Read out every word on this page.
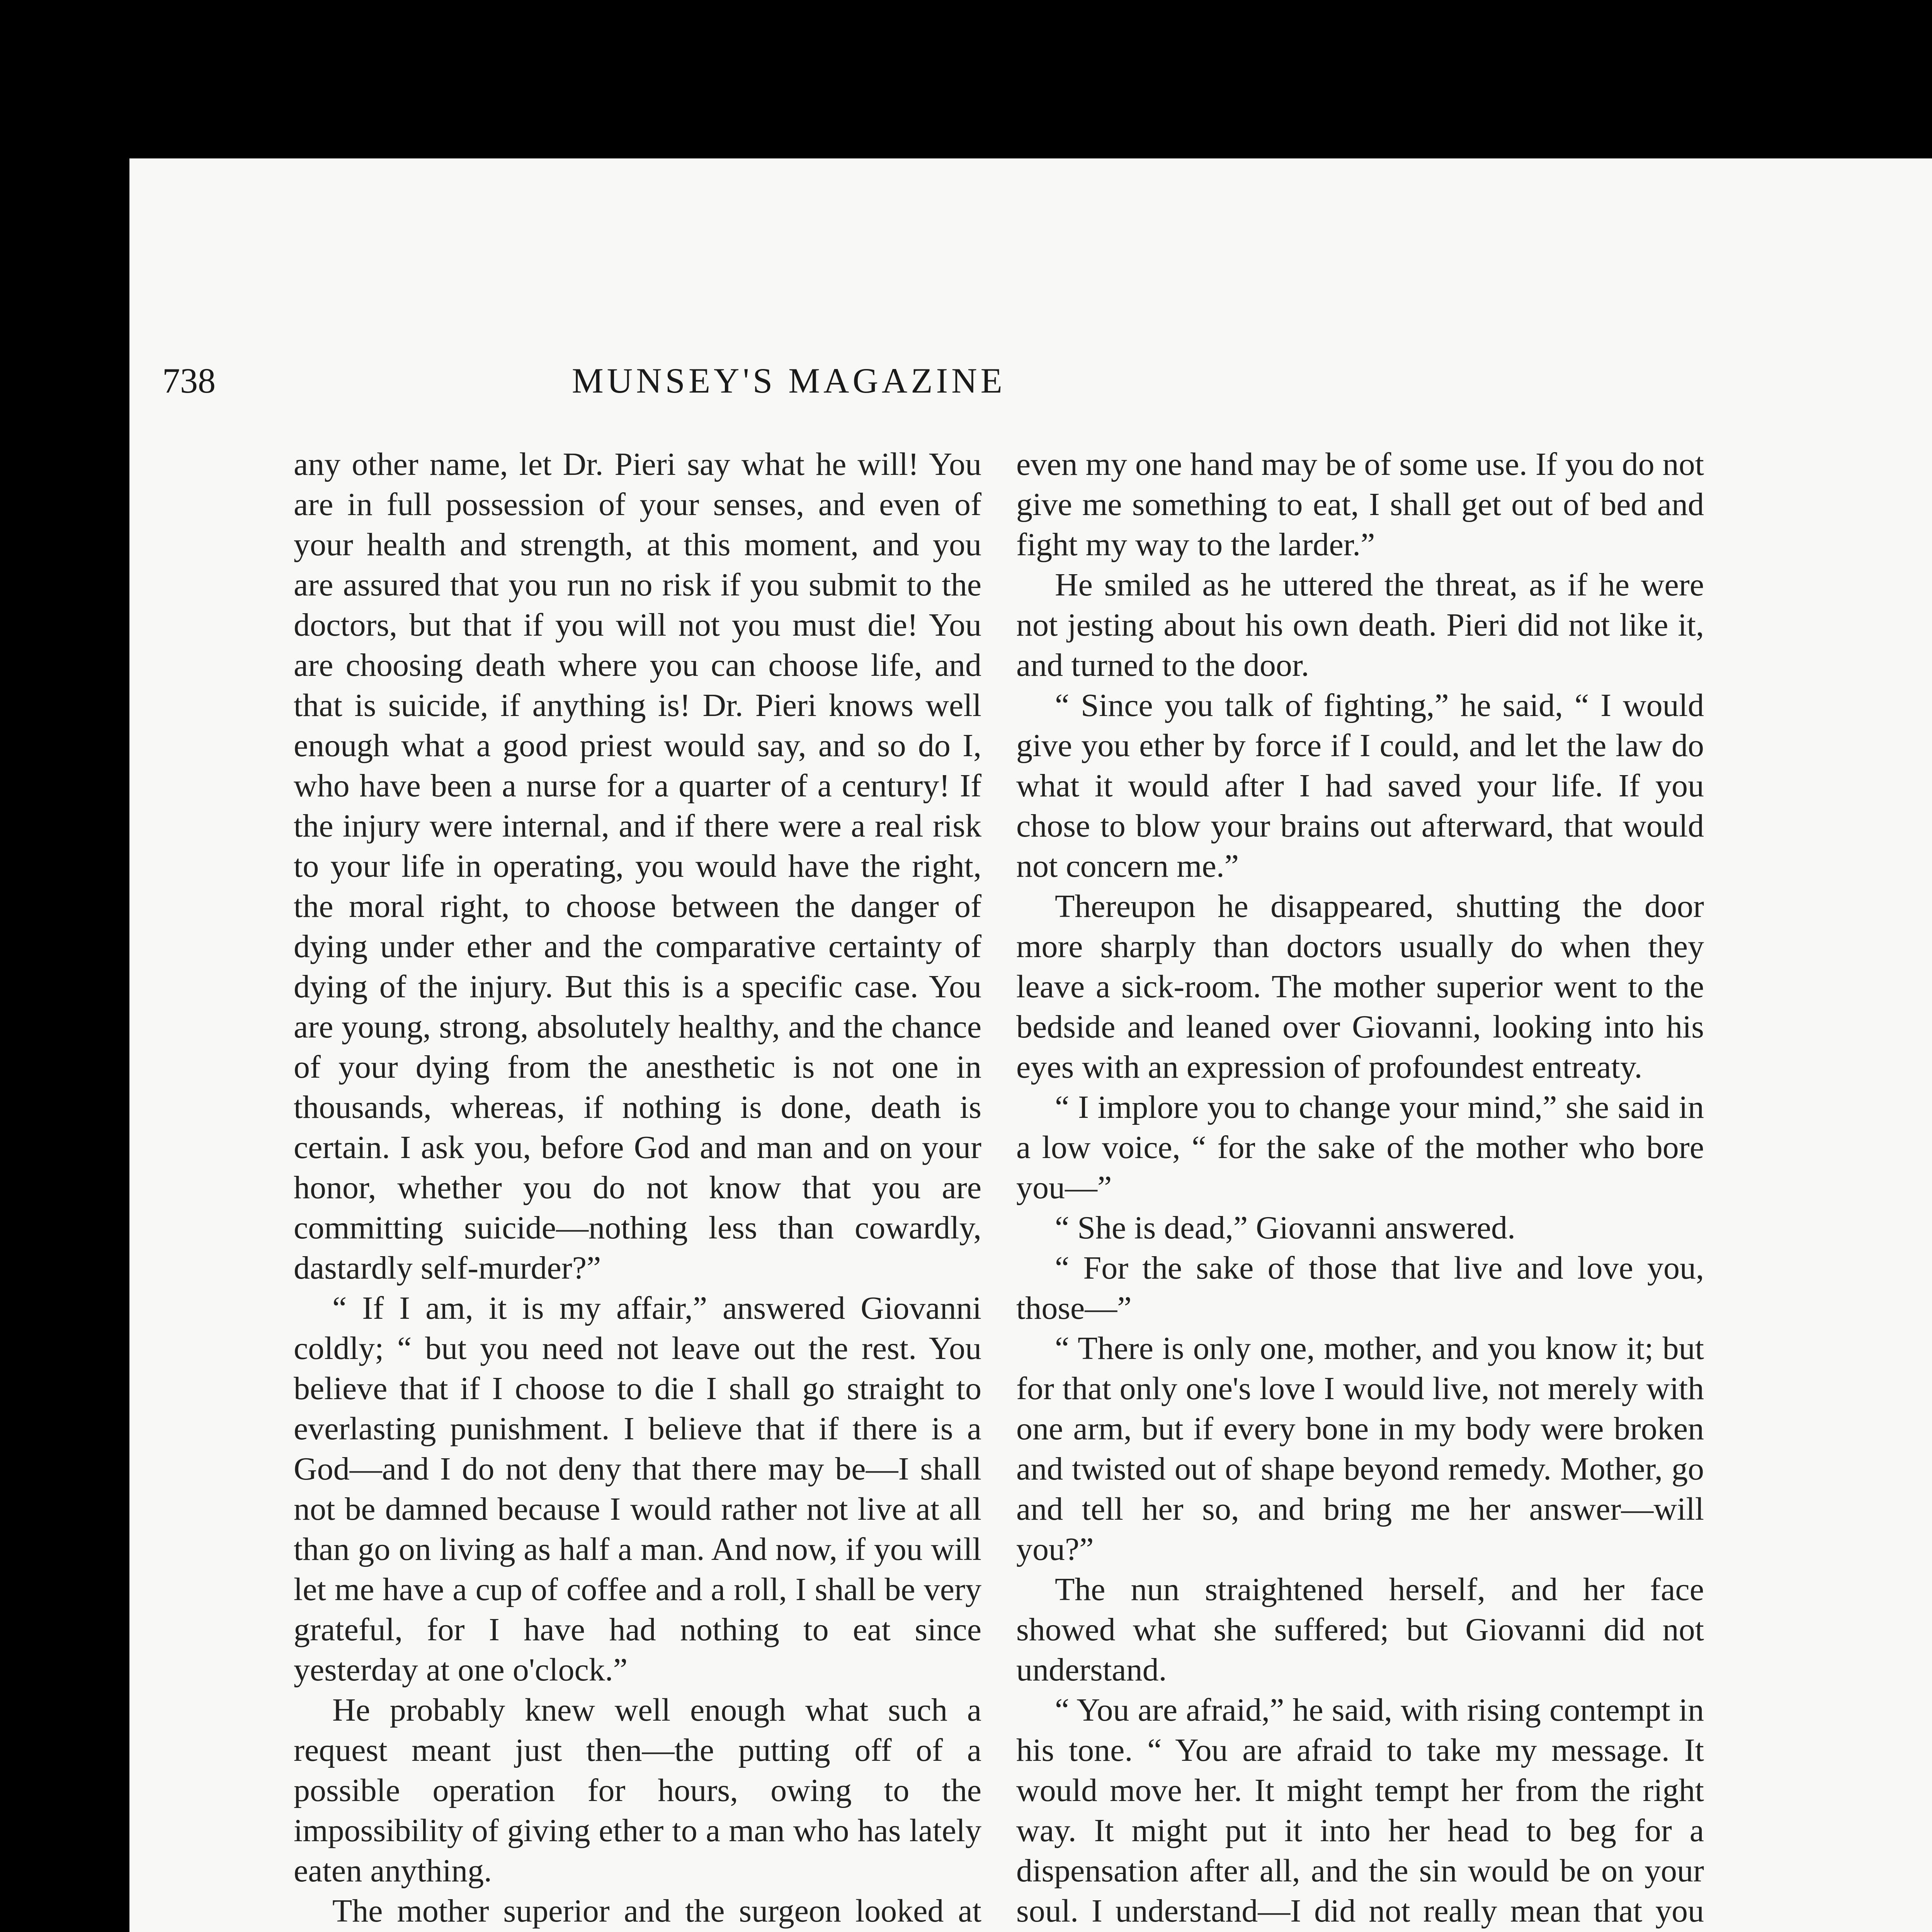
738	MUNSEY'S MAGAZINE

any other name, let Dr. Pieri say what he will! You are in full possession of your senses, and even of your health and strength, at this moment, and you are assured that you run no risk if you submit to the doctors, but that if you will not you must die! You are choosing death where you can choose life, and that is suicide, if anything is! Dr. Pieri knows well enough what a good priest would say, and so do I, who have been a nurse for a quarter of a century! If the injury were internal, and if there were a real risk to your life in operating, you would have the right, the moral right, to choose between the danger of dying under ether and the comparative certainty of dying of the injury. But this is a specific case. You are young, strong, absolutely healthy, and the chance of your dying from the anesthetic is not one in thousands, whereas, if nothing is done, death is certain. I ask you, before God and man and on your honor, whether you do not know that you are committing suicide—nothing less than cowardly, dastardly self-murder?”

“ If I am, it is my affair,” answered Giovanni coldly; “ but you need not leave out the rest. You believe that if I choose to die I shall go straight to everlasting punishment. I believe that if there is a God—and I do not deny that there may be—I shall not be damned because I would rather not live at all than go on living as half a man. And now, if you will let me have a cup of coffee and a roll, I shall be very grateful, for I have had nothing to eat since yesterday at one o'clock.”

He probably knew well enough what such a request meant just then—the putting off of a possible operation for hours, owing to the impossibility of giving ether to a man who has lately eaten anything.

The mother superior and the surgeon looked at

even my one hand may be of some use. If you do not give me something to eat, I shall get out of bed and fight my way to the larder.”

He smiled as he uttered the threat, as if he were not jesting about his own death. Pieri did not like it, and turned to the door.

“ Since you talk of fighting,” he said, “ I would give you ether by force if I could, and let the law do what it would after I had saved your life. If you chose to blow your brains out afterward, that would not concern me.”

Thereupon he disappeared, shutting the door more sharply than doctors usually do when they leave a sick-room. The mother superior went to the bedside and leaned over Giovanni, looking into his eyes with an expression of profoundest entreaty.

“ I implore you to change your mind,” she said in a low voice, “ for the sake of the mother who bore you—”

“ She is dead,” Giovanni answered.

“ For the sake of those that live and love you, those—”

“ There is only one, mother, and you know it; but for that only one's love I would live, not merely with one arm, but if every bone in my body were broken and twisted out of shape beyond remedy. Mother, go and tell her so, and bring me her answer—will you?”

The nun straightened herself, and her face showed what she suffered; but Giovanni did not understand.

“ You are afraid,” he said, with rising contempt in his tone. “ You are afraid to take my message. It would move her. It might tempt her from the right way. It might put it into her head to beg for a dispensation after all, and the sin would be on your soul. I understand—I did not really mean that you
